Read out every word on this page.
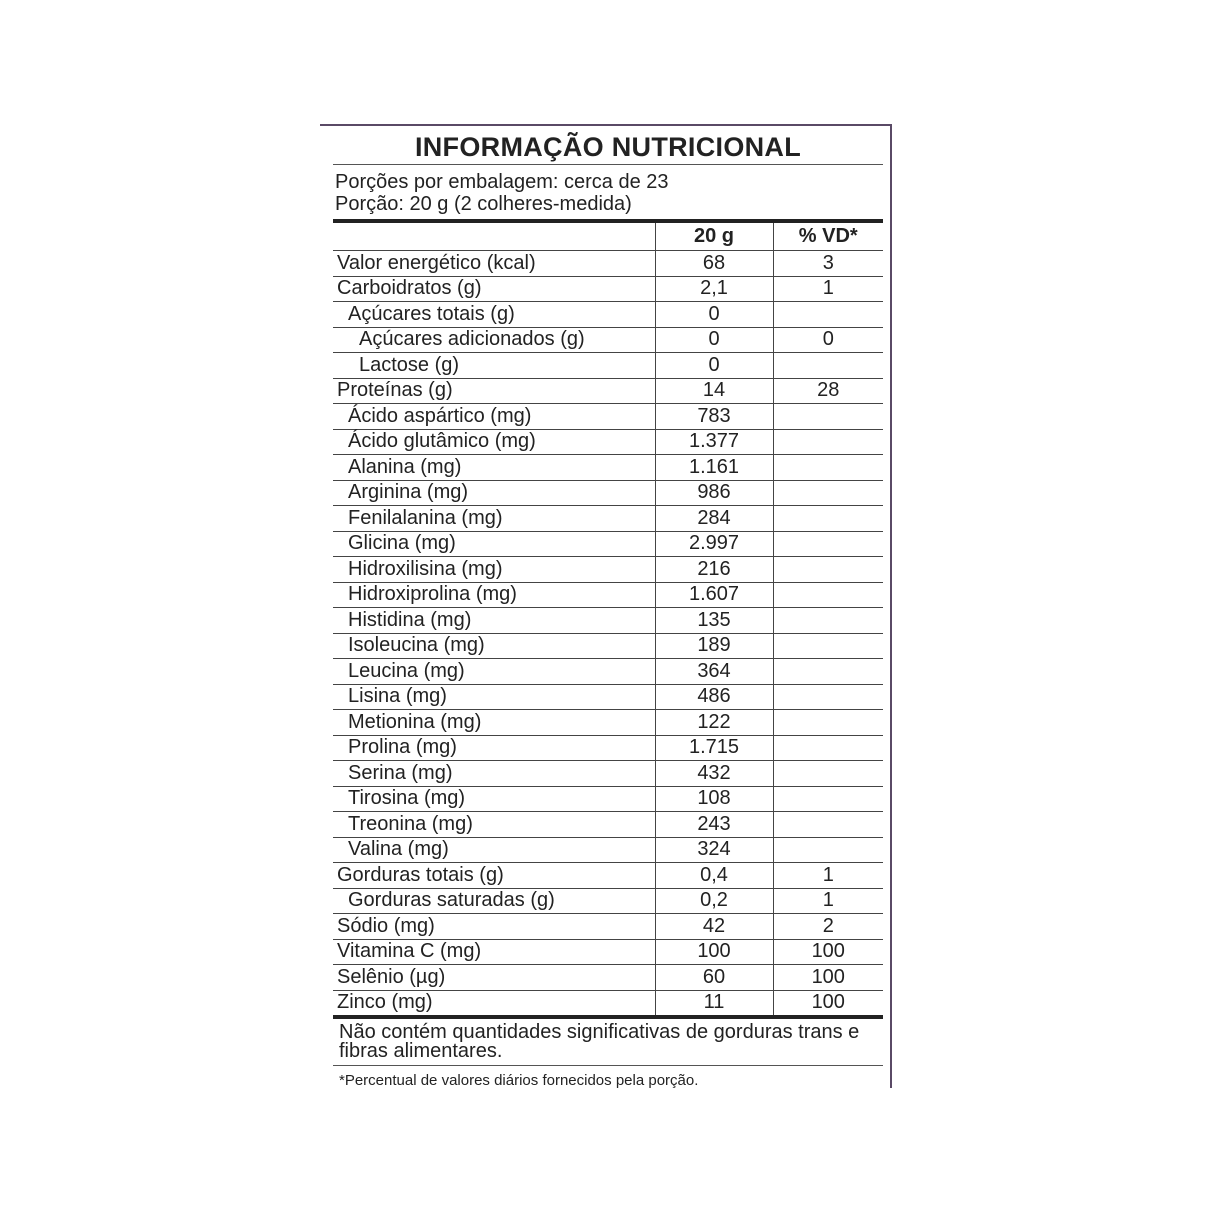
INFORMAÇÃO NUTRICIONAL
Porções por embalagem: cerca de 23
Porção: 20 g (2 colheres-medida)
	20 g	% VD*
Valor energético (kcal)	68	3
Carboidratos (g)	2,1	1
Açúcares totais (g)	0	
Açúcares adicionados (g)	0	0
Lactose (g)	0	
Proteínas (g)	14	28
Ácido aspártico (mg)	783	
Ácido glutâmico (mg)	1.377	
Alanina (mg)	1.161	
Arginina (mg)	986	
Fenilalanina (mg)	284	
Glicina (mg)	2.997	
Hidroxilisina (mg)	216	
Hidroxiprolina (mg)	1.607	
Histidina (mg)	135	
Isoleucina (mg)	189	
Leucina (mg)	364	
Lisina (mg)	486	
Metionina (mg)	122	
Prolina (mg)	1.715	
Serina (mg)	432	
Tirosina (mg)	108	
Treonina (mg)	243	
Valina (mg)	324	
Gorduras totais (g)	0,4	1
Gorduras saturadas (g)	0,2	1
Sódio (mg)	42	2
Vitamina C (mg)	100	100
Selênio (µg)	60	100
Zinco (mg)	11	100
Não contém quantidades significativas de gorduras trans e fibras alimentares.
*Percentual de valores diários fornecidos pela porção.
